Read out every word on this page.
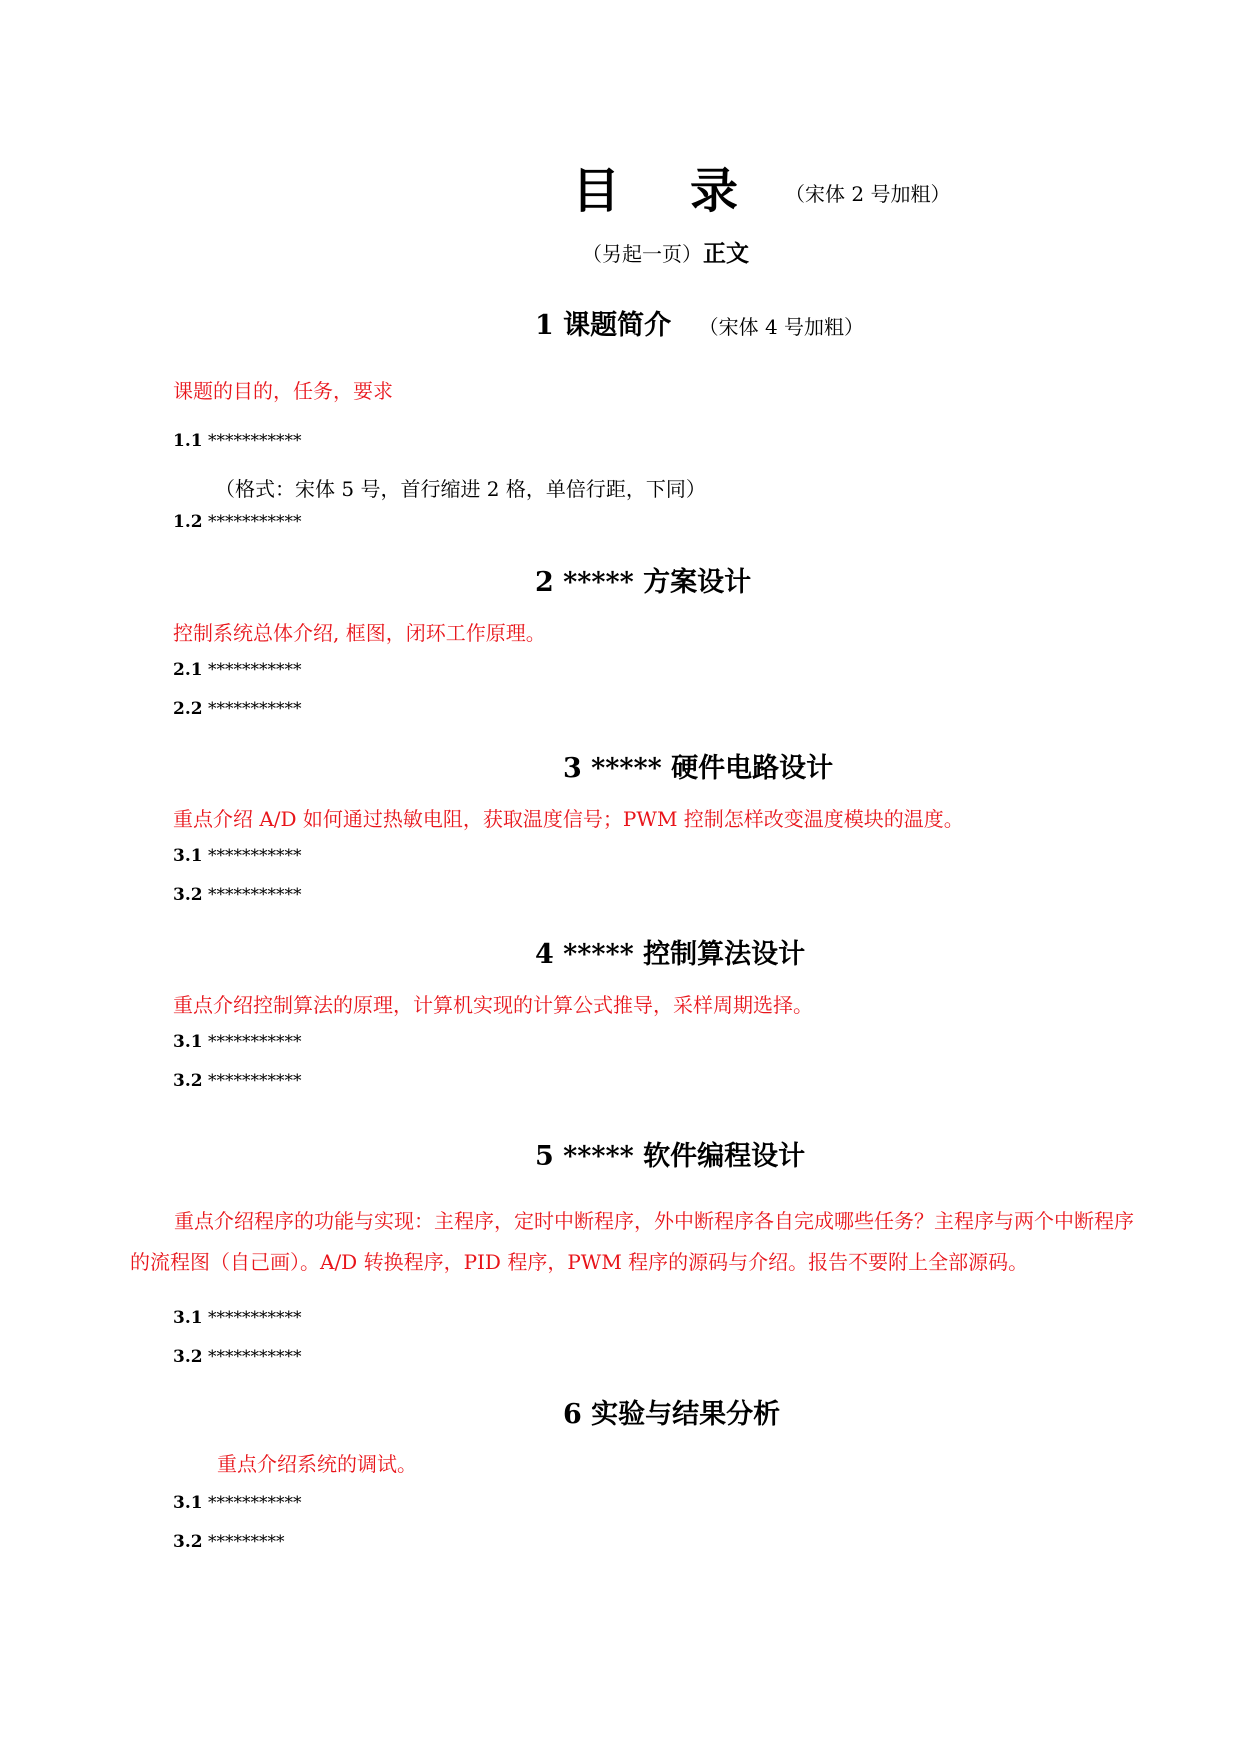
目录
（宋体 2 号加粗）
（另起一页） 正文
1 课题简介 （宋体 4 号加粗）
课题的目的，任务，要求
1.1 ***********
（格式：宋体 5 号，首行缩进 2 格，单倍行距，下同）
1.2 ***********
2 ***** 方案设计
控制系统总体介绍, 框图，闭环工作原理。
2.1 ***********
2.2 ***********
3 ***** 硬件电路设计
重点介绍 A/D 如何通过热敏电阻，获取温度信号；PWM 控制怎样改变温度模块的温度。
3.1 ***********
3.2 ***********
4 ***** 控制算法设计
重点介绍控制算法的原理，计算机实现的计算公式推导，采样周期选择。
3.1 ***********
3.2 ***********
5 ***** 软件编程设计
重点介绍程序的功能与实现：主程序，定时中断程序，外中断程序各自完成哪些任务？主程序与两个中断程序的流程图（自己画）。A/D 转换程序，PID 程序，PWM 程序的源码与介绍。报告不要附上全部源码。
3.1 ***********
3.2 ***********
6 实验与结果分析
重点介绍系统的调试。
3.1 ***********
3.2 *********
